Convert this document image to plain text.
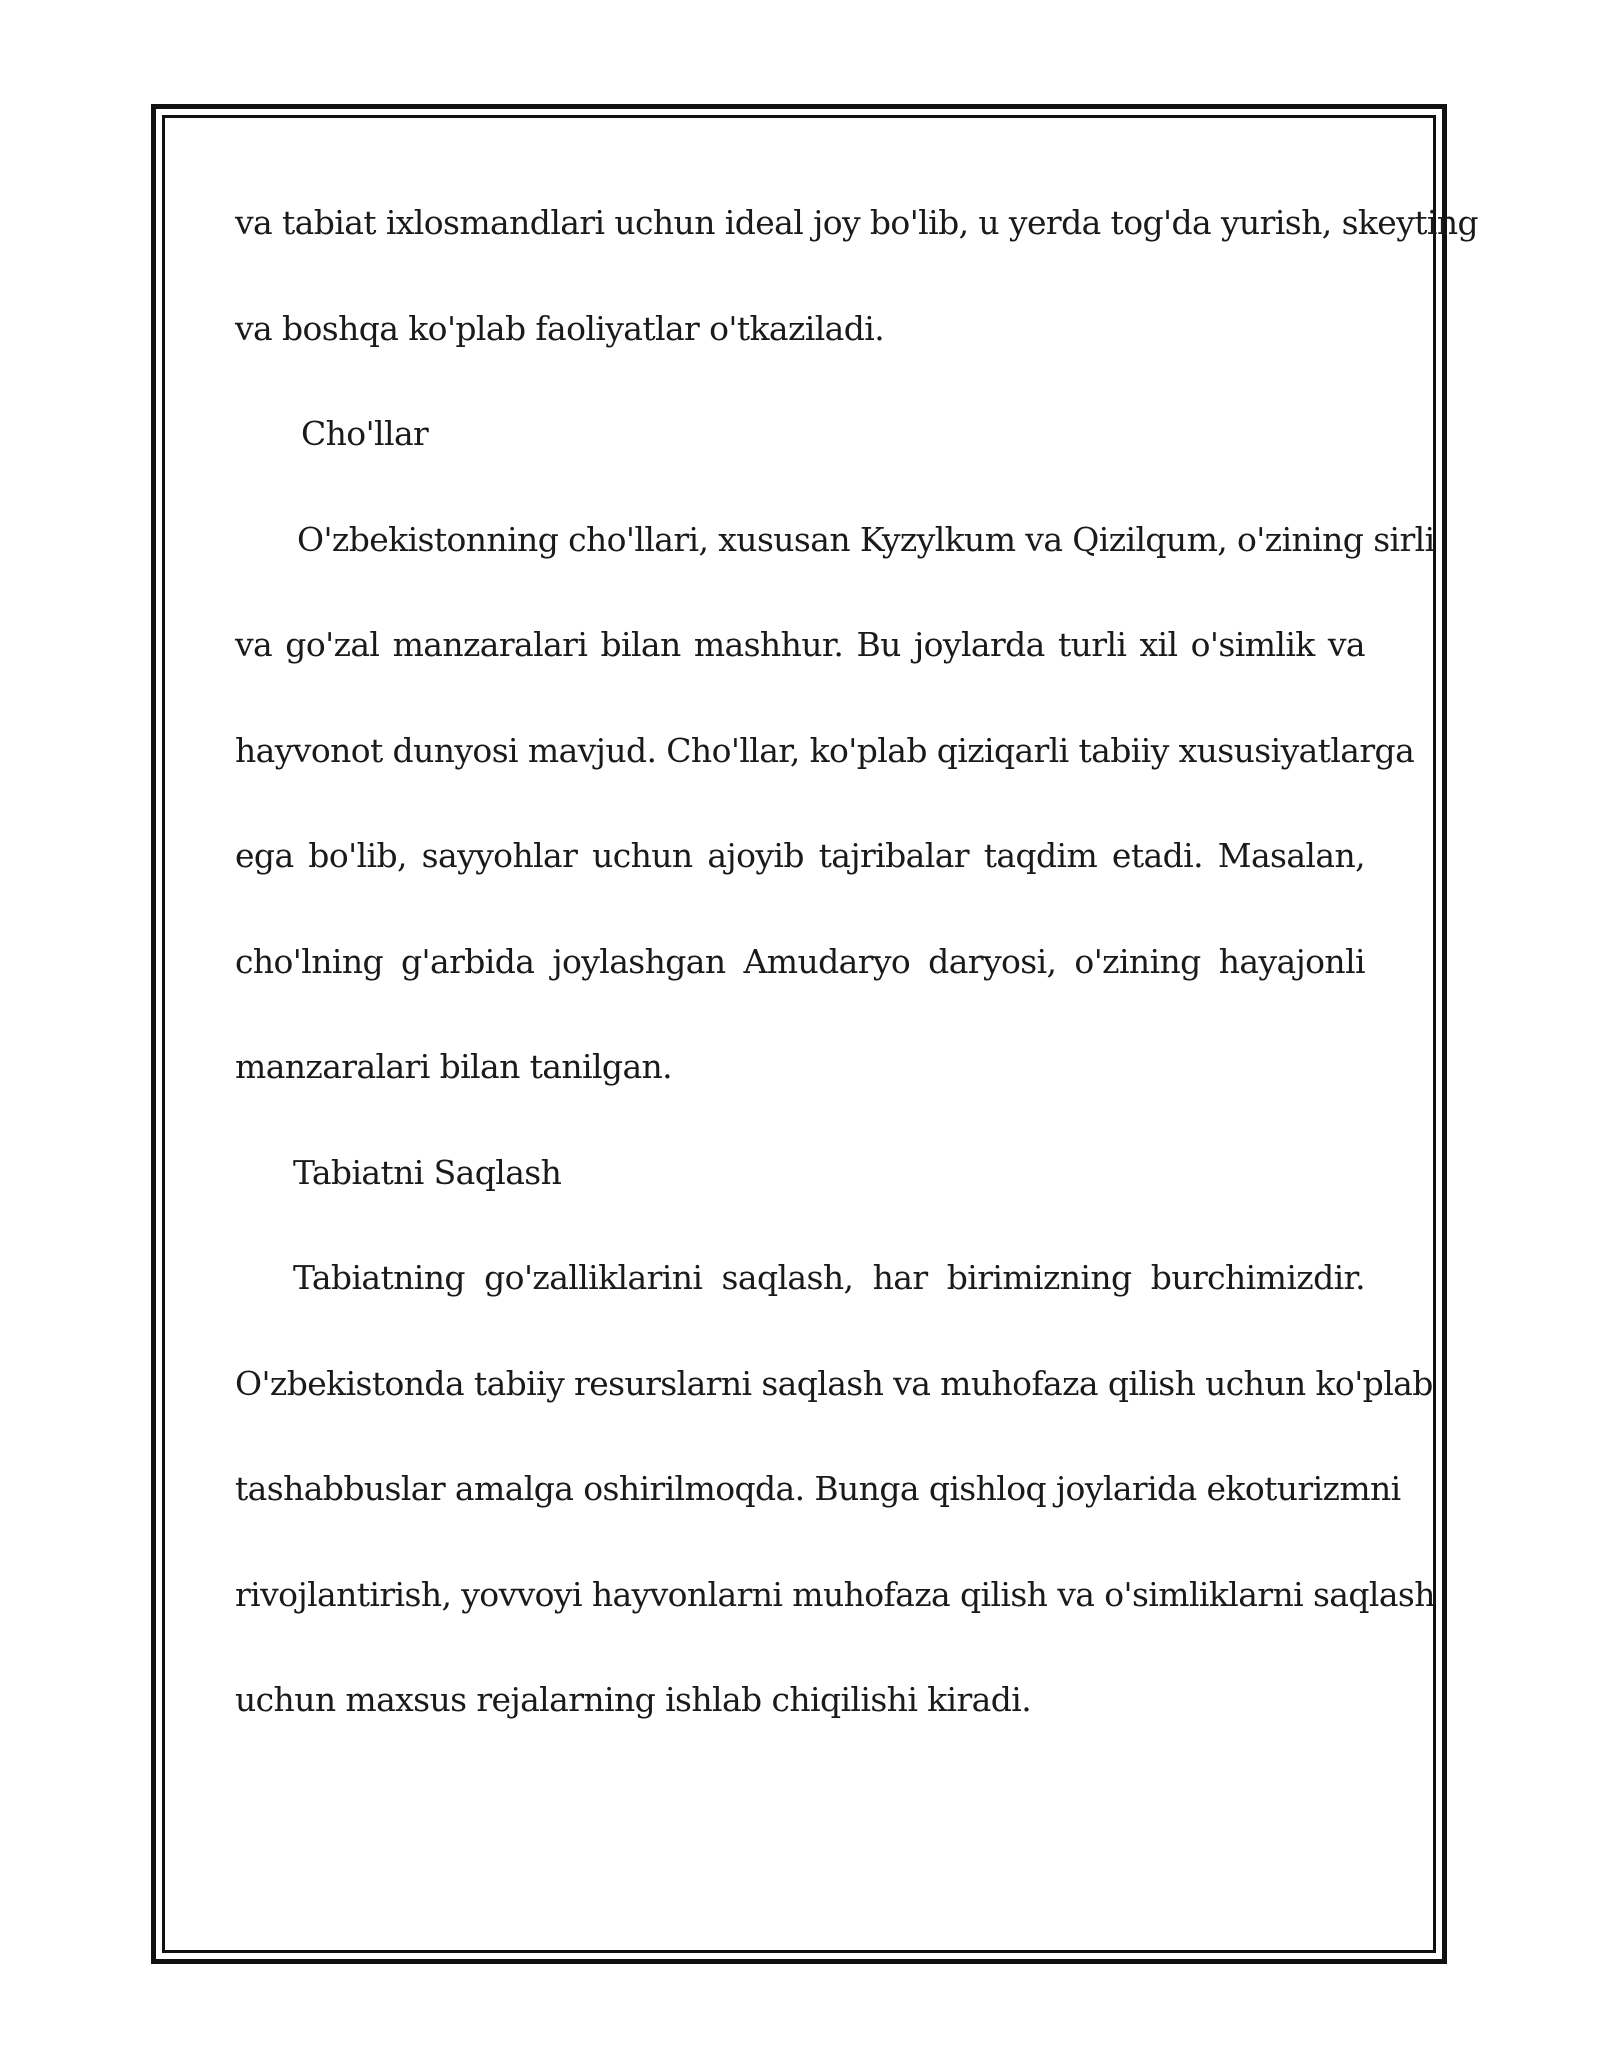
va tabiat ixlosmandlari uchun ideal joy bo'lib, u yerda tog'da yurish, skeyting
va boshqa ko'plab faoliyatlar o'tkaziladi.
Cho'llar
O'zbekistonning cho'llari, xususan Kyzylkum va Qizilqum, o'zining sirli
va go'zal manzaralari bilan mashhur. Bu joylarda turli xil o'simlik va
hayvonot dunyosi mavjud. Cho'llar, ko'plab qiziqarli tabiiy xususiyatlarga
ega bo'lib, sayyohlar uchun ajoyib tajribalar taqdim etadi. Masalan,
cho'lning g'arbida joylashgan Amudaryo daryosi, o'zining hayajonli
manzaralari bilan tanilgan.
Tabiatni Saqlash
Tabiatning go'zalliklarini saqlash, har birimizning burchimizdir.
O'zbekistonda tabiiy resurslarni saqlash va muhofaza qilish uchun ko'plab
tashabbuslar amalga oshirilmoqda. Bunga qishloq joylarida ekoturizmni
rivojlantirish, yovvoyi hayvonlarni muhofaza qilish va o'simliklarni saqlash
uchun maxsus rejalarning ishlab chiqilishi kiradi.
